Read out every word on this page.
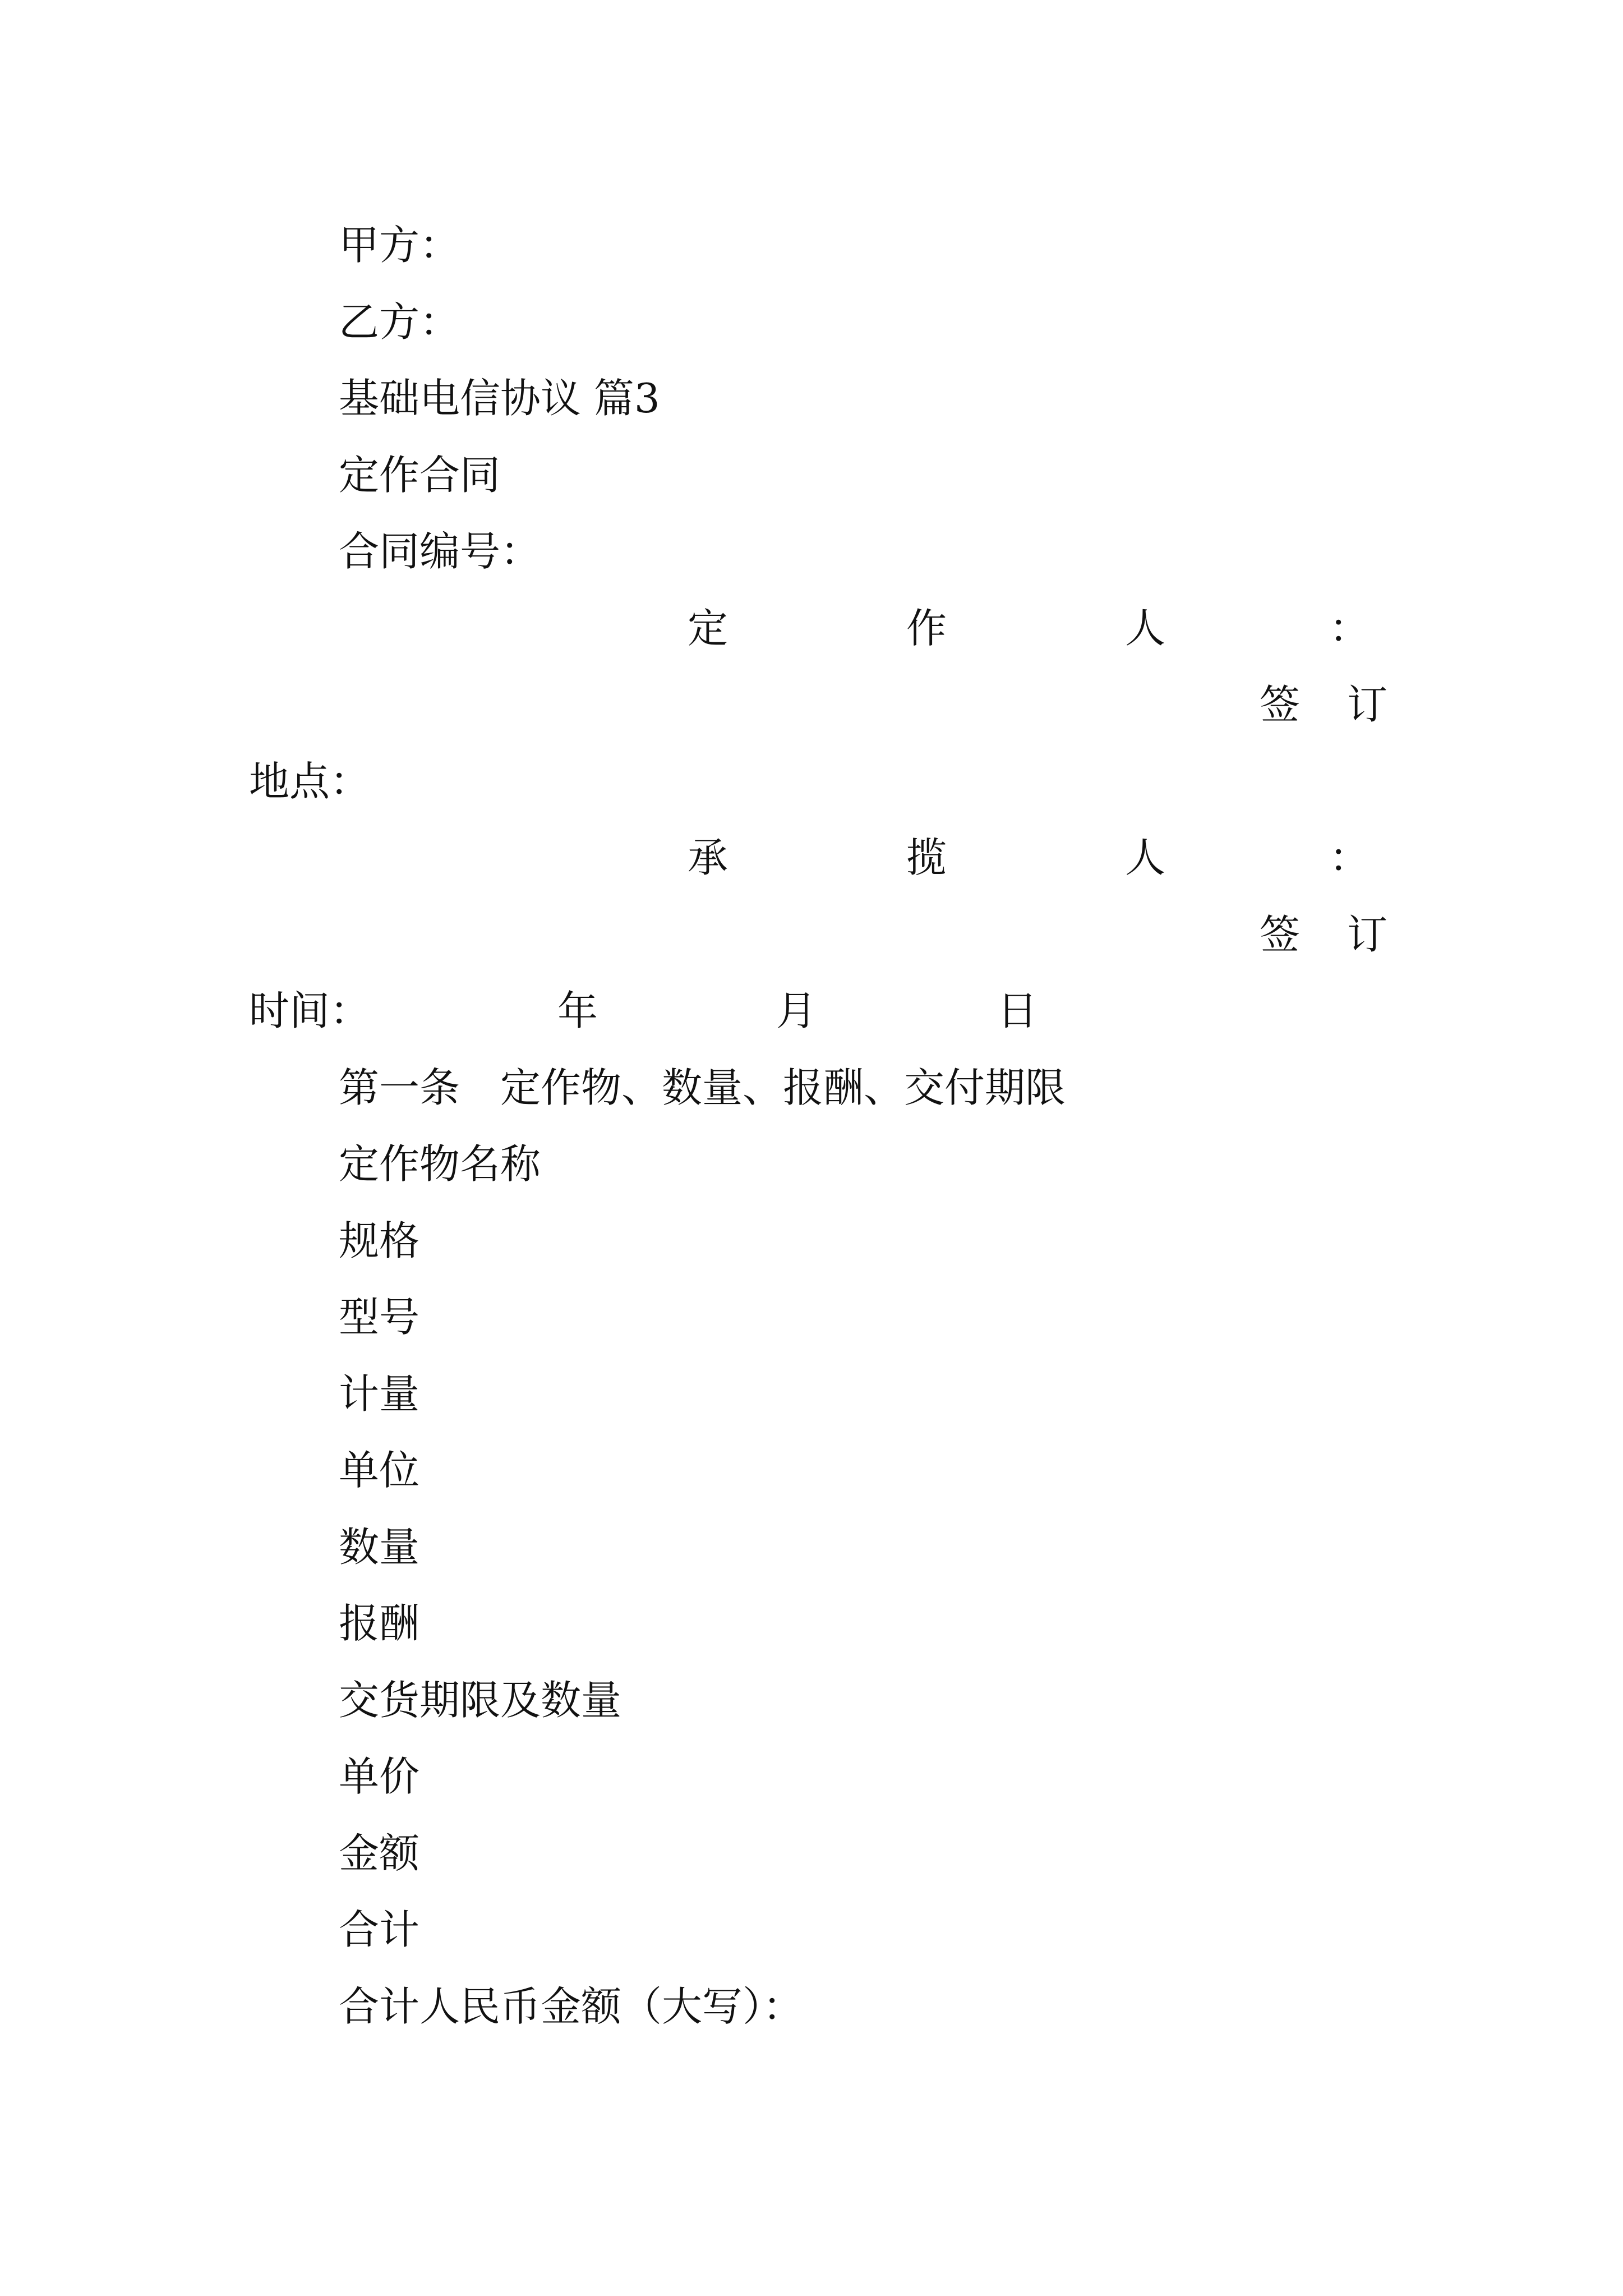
甲方：
乙方：
基础电信协议 篇3
定作合同
合同编号：
定	作	人	：
签 订
地点：
承	揽	人	：
签 订
时间：	年	月	日
第一条　定作物、数量、报酬、交付期限
定作物名称
规格
型号
计量
单位
数量
报酬
交货期限及数量
单价
金额
合计
合计人民币金额（大写）：
